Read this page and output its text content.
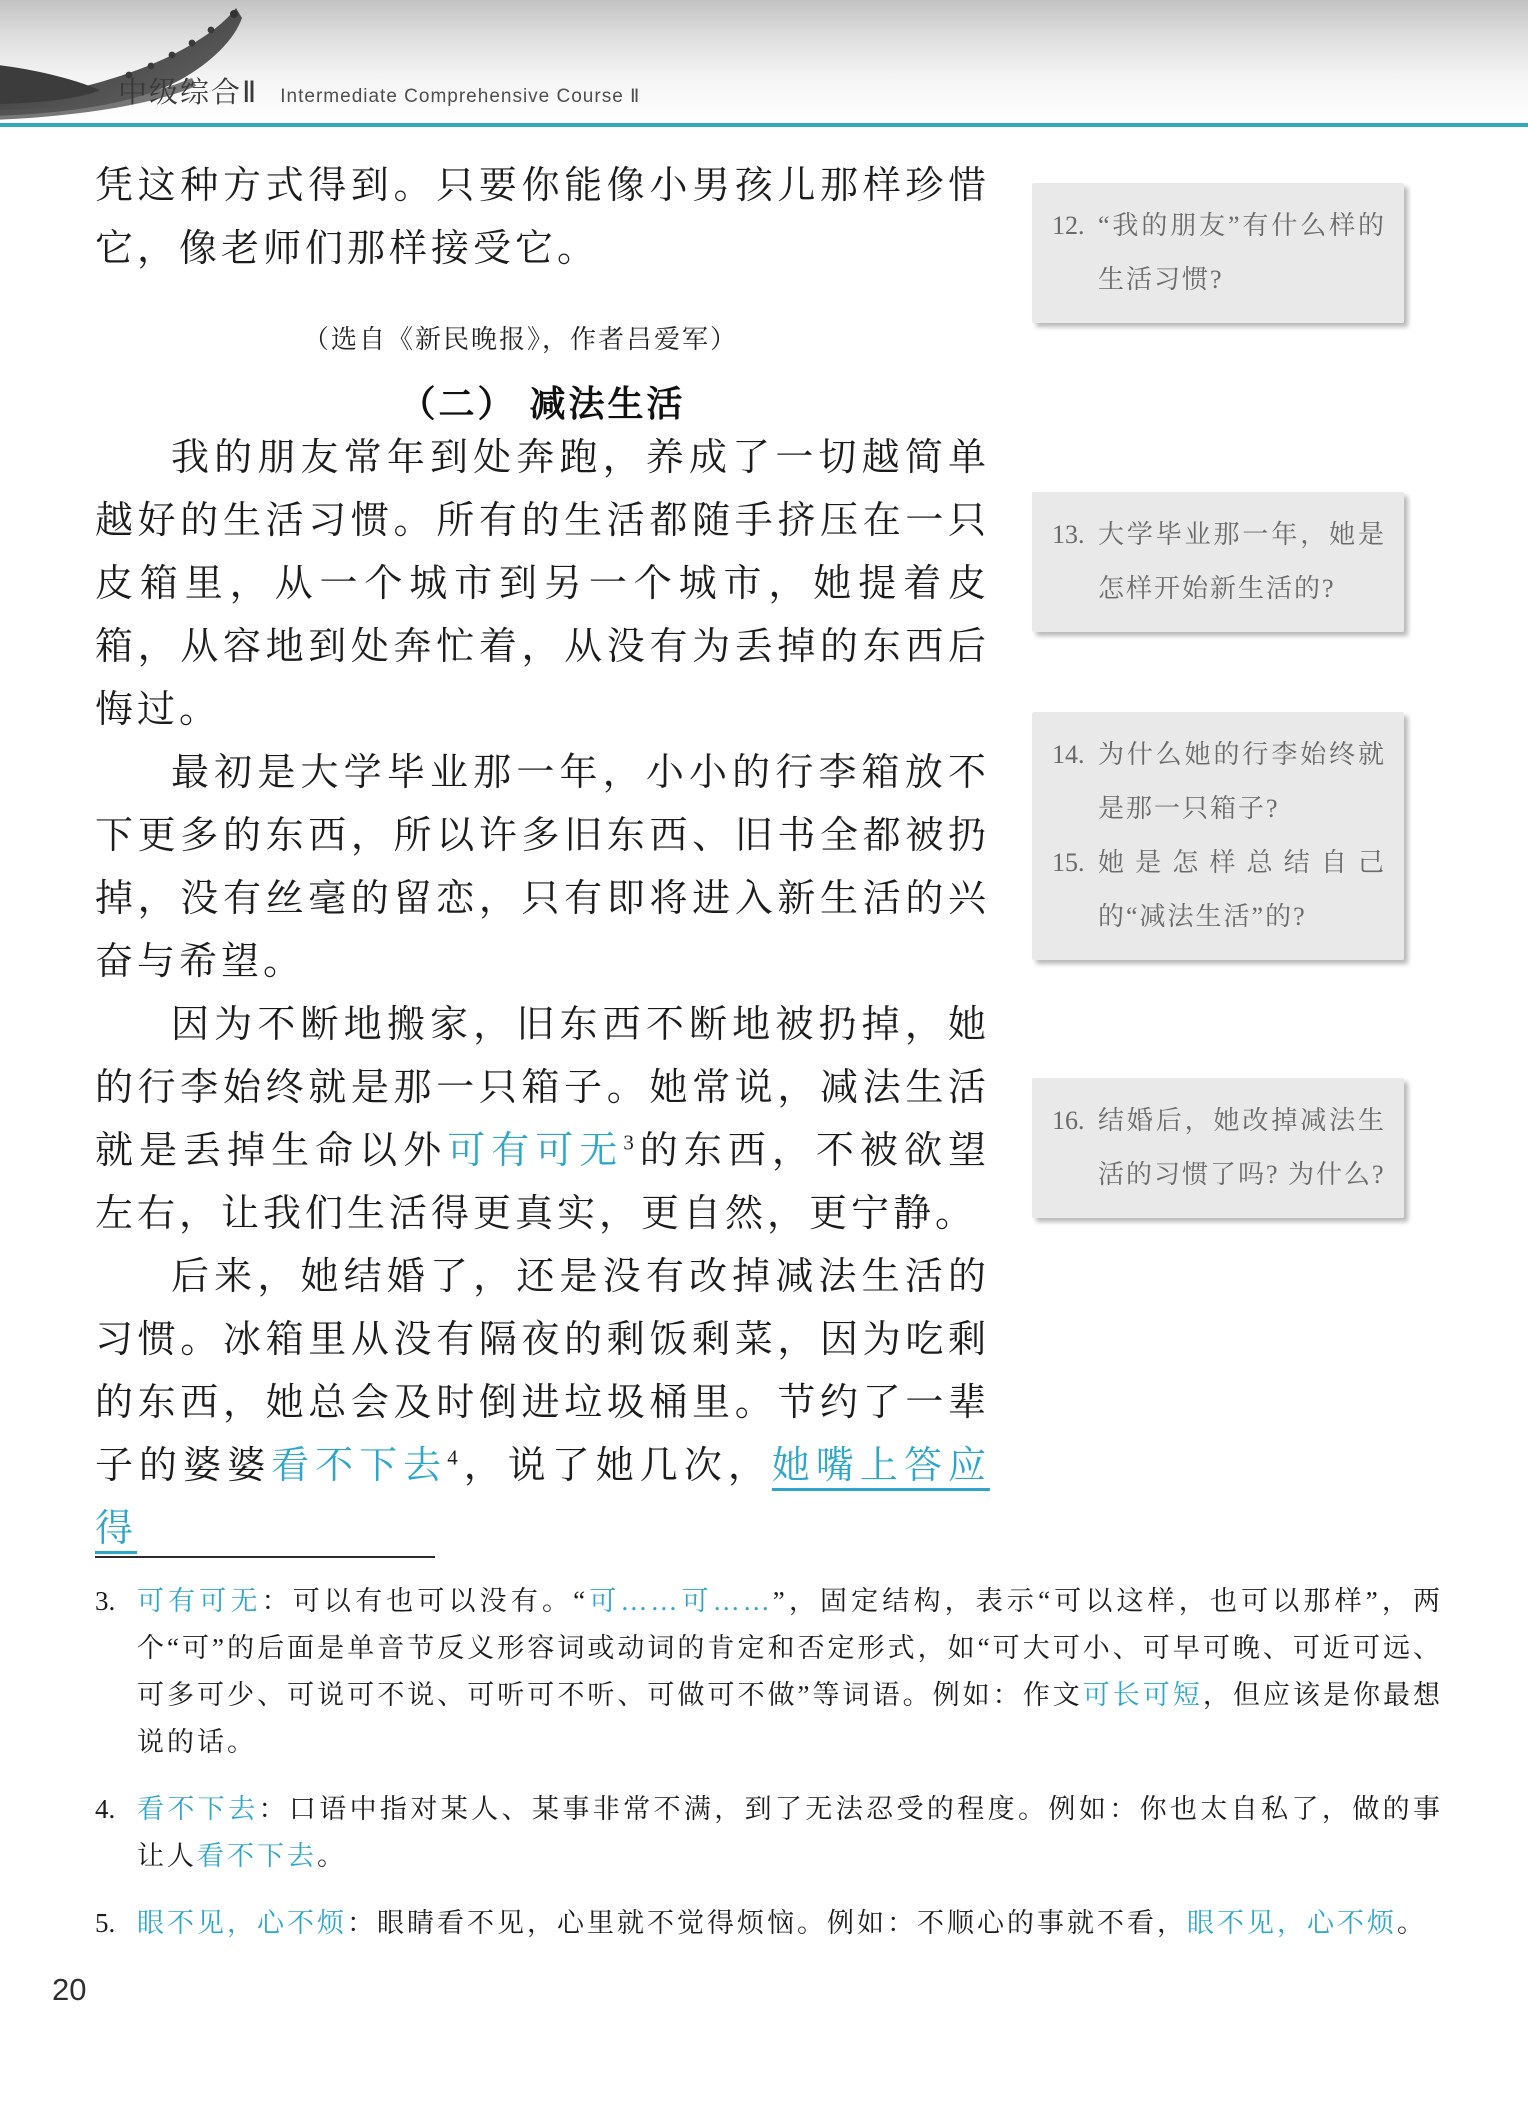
中级综合Ⅱ Intermediate Comprehensive Course Ⅱ

凭这种方式得到。只要你能像小男孩儿那样珍惜它，像老师们那样接受它。

（选自《新民晚报》，作者吕爱军）
（二） 减法生活

我的朋友常年到处奔跑，养成了一切越简单越好的生活习惯。所有的生活都随手挤压在一只皮箱里，从一个城市到另一个城市，她提着皮箱，从容地到处奔忙着，从没有为丢掉的东西后悔过。

最初是大学毕业那一年，小小的行李箱放不下更多的东西，所以许多旧东西、旧书全都被扔掉，没有丝毫的留恋，只有即将进入新生活的兴奋与希望。

因为不断地搬家，旧东西不断地被扔掉，她的行李始终就是那一只箱子。她常说，减法生活就是丢掉生命以外可有可无$^3$的东西，不被欲望左右，让我们生活得更真实，更自然，更宁静。

后来，她结婚了，还是没有改掉减法生活的习惯。冰箱里从没有隔夜的剩饭剩菜，因为吃剩的东西，她总会及时倒进垃圾桶里。节约了一辈子的婆婆看不下去$^4$，说了她几次，她嘴上答应得

12. “我的朋友”有什么样的生活习惯?
13. 大学毕业那一年，她是怎样开始新生活的?
14. 为什么她的行李始终就是那一只箱子?
15. 她是怎样总结自己的“减法生活”的?
16. 结婚后，她改掉减法生活的习惯了吗? 为什么?
3. 可有可无：可以有也可以没有。“可……可……”，固定结构，表示“可以这样，也可以那样”，两个“可”的后面是单音节反义形容词或动词的肯定和否定形式，如“可大可小、可早可晚、可近可远、可多可少、可说可不说、可听可不听、可做可不做”等词语。例如：作文可长可短，但应该是你最想说的话。
4. 看不下去：口语中指对某人、某事非常不满，到了无法忍受的程度。例如：你也太自私了，做的事让人看不下去。
5. 眼不见，心不烦：眼睛看不见，心里就不觉得烦恼。例如：不顺心的事就不看，眼不见，心不烦。
20
